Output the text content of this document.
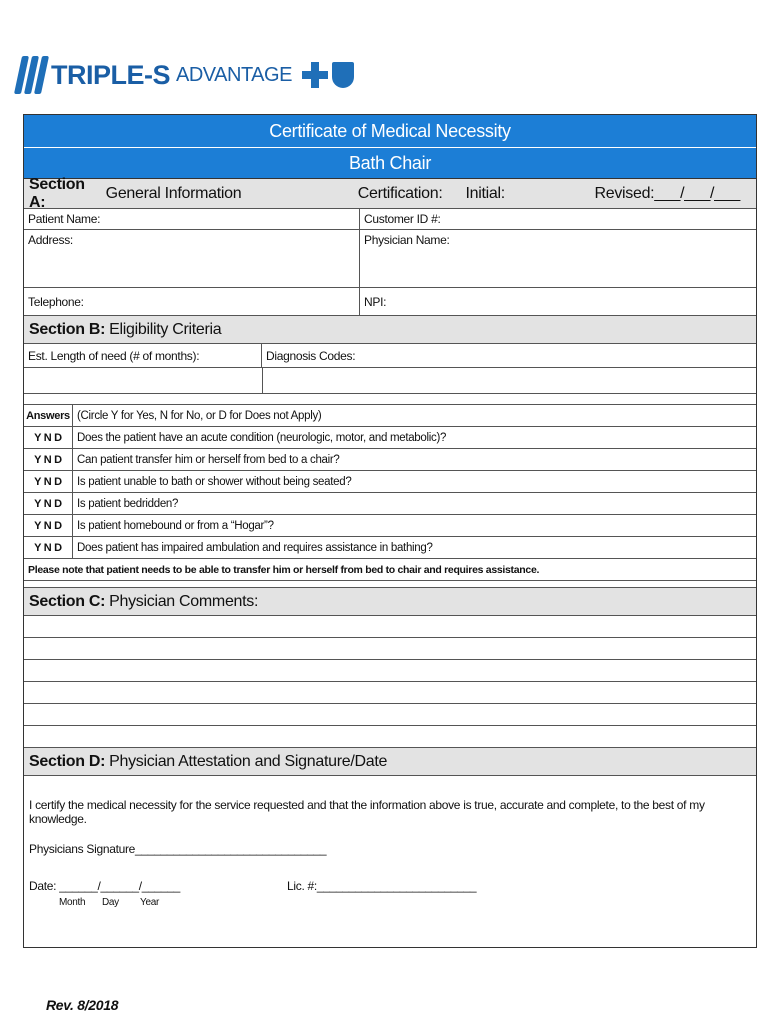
TRIPLE-S ADVANTAGE
Certificate of Medical Necessity
Bath Chair
Section A:
General Information	Certification:	Initial:	Revised:___/___/___
Patient Name:	Customer ID #:
Address:	Physician Name:
Telephone:	NPI:
Section B: Eligibility Criteria
Est. Length of need (# of months):	Diagnosis Codes:
Answers (Circle Y for Yes, N for No, or D for Does not Apply)
Y N D	Does the patient have an acute condition (neurologic, motor, and metabolic)?
Y N D	Can patient transfer him or herself from bed to a chair?
Y N D	Is patient unable to bath or shower without being seated?
Y N D	Is patient bedridden?
Y N D	Is patient homebound or from a “Hogar”?
Y N D	Does patient has impaired ambulation and requires assistance in bathing?
Please note that patient needs to be able to transfer him or herself from bed to chair and requires assistance.
Section C: Physician Comments:
Section D: Physician Attestation and Signature/Date
I certify the medical necessity for the service requested and that the information above is true, accurate and complete, to the best of my knowledge.
Physicians Signature______________________________
Date: ______/______/______	Lic. #:_________________________
Month Day Year
Rev. 8/2018
